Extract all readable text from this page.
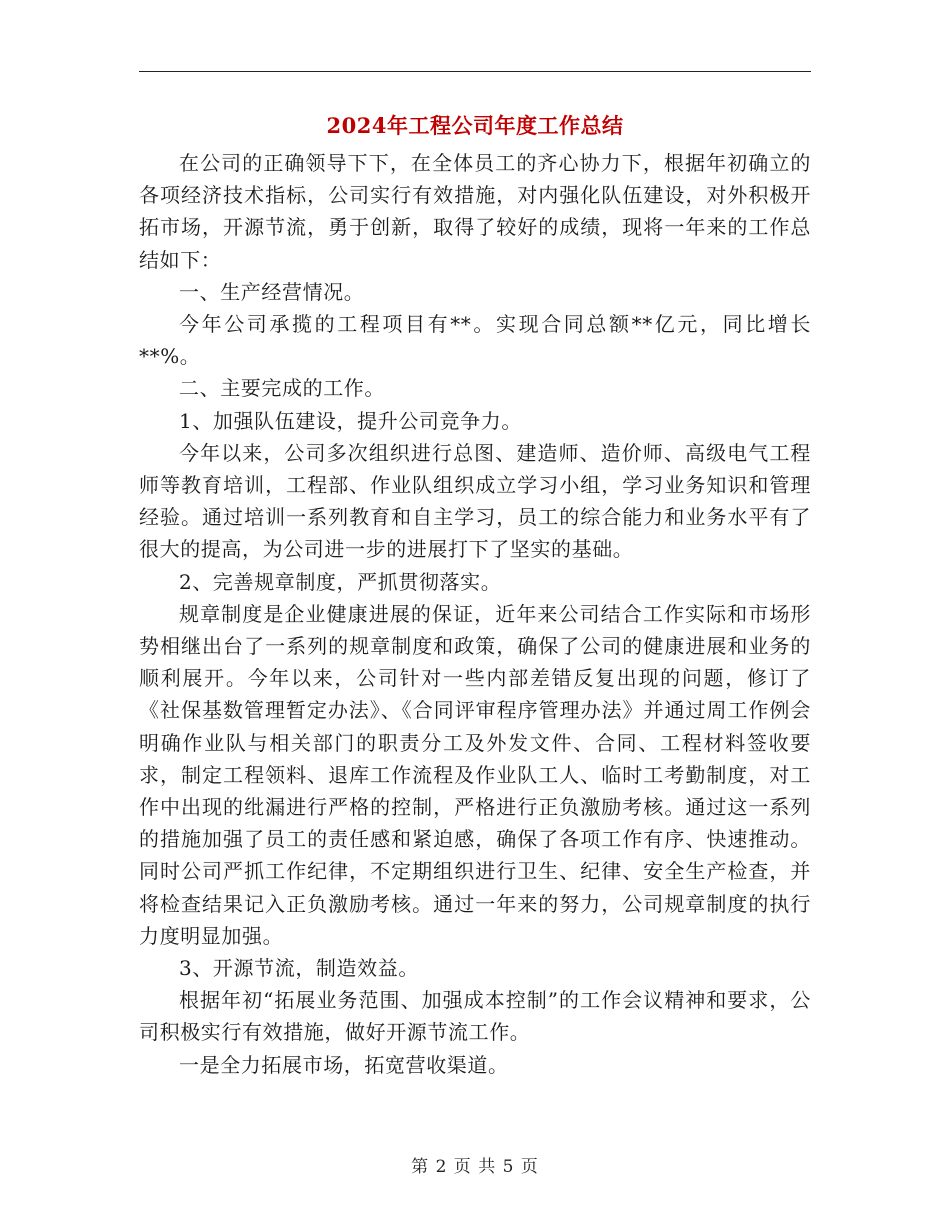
2024年工程公司年度工作总结

在公司的正确领导下下，在全体员工的齐心协力下，根据年初确立的各项经济技术指标，公司实行有效措施，对内强化队伍建设，对外积极开拓市场，开源节流，勇于创新，取得了较好的成绩，现将一年来的工作总结如下：

一、生产经营情况。

今年公司承揽的工程项目有**。实现合同总额**亿元，同比增长**%。

二、主要完成的工作。

1、加强队伍建设，提升公司竞争力。

今年以来，公司多次组织进行总图、建造师、造价师、高级电气工程师等教育培训，工程部、作业队组织成立学习小组，学习业务知识和管理经验。通过培训一系列教育和自主学习，员工的综合能力和业务水平有了很大的提高，为公司进一步的进展打下了坚实的基础。

2、完善规章制度，严抓贯彻落实。

规章制度是企业健康进展的保证，近年来公司结合工作实际和市场形势相继出台了一系列的规章制度和政策，确保了公司的健康进展和业务的顺利展开。今年以来，公司针对一些内部差错反复出现的问题，修订了《社保基数管理暂定办法》、《合同评审程序管理办法》并通过周工作例会明确作业队与相关部门的职责分工及外发文件、合同、工程材料签收要求，制定工程领料、退库工作流程及作业队工人、临时工考勤制度，对工作中出现的纰漏进行严格的控制，严格进行正负激励考核。通过这一系列的措施加强了员工的责任感和紧迫感，确保了各项工作有序、快速推动。同时公司严抓工作纪律，不定期组织进行卫生、纪律、安全生产检查，并将检查结果记入正负激励考核。通过一年来的努力，公司规章制度的执行力度明显加强。

3、开源节流，制造效益。

根据年初“拓展业务范围、加强成本控制”的工作会议精神和要求，公司积极实行有效措施，做好开源节流工作。

一是全力拓展市场，拓宽营收渠道。

第 2 页 共 5 页
